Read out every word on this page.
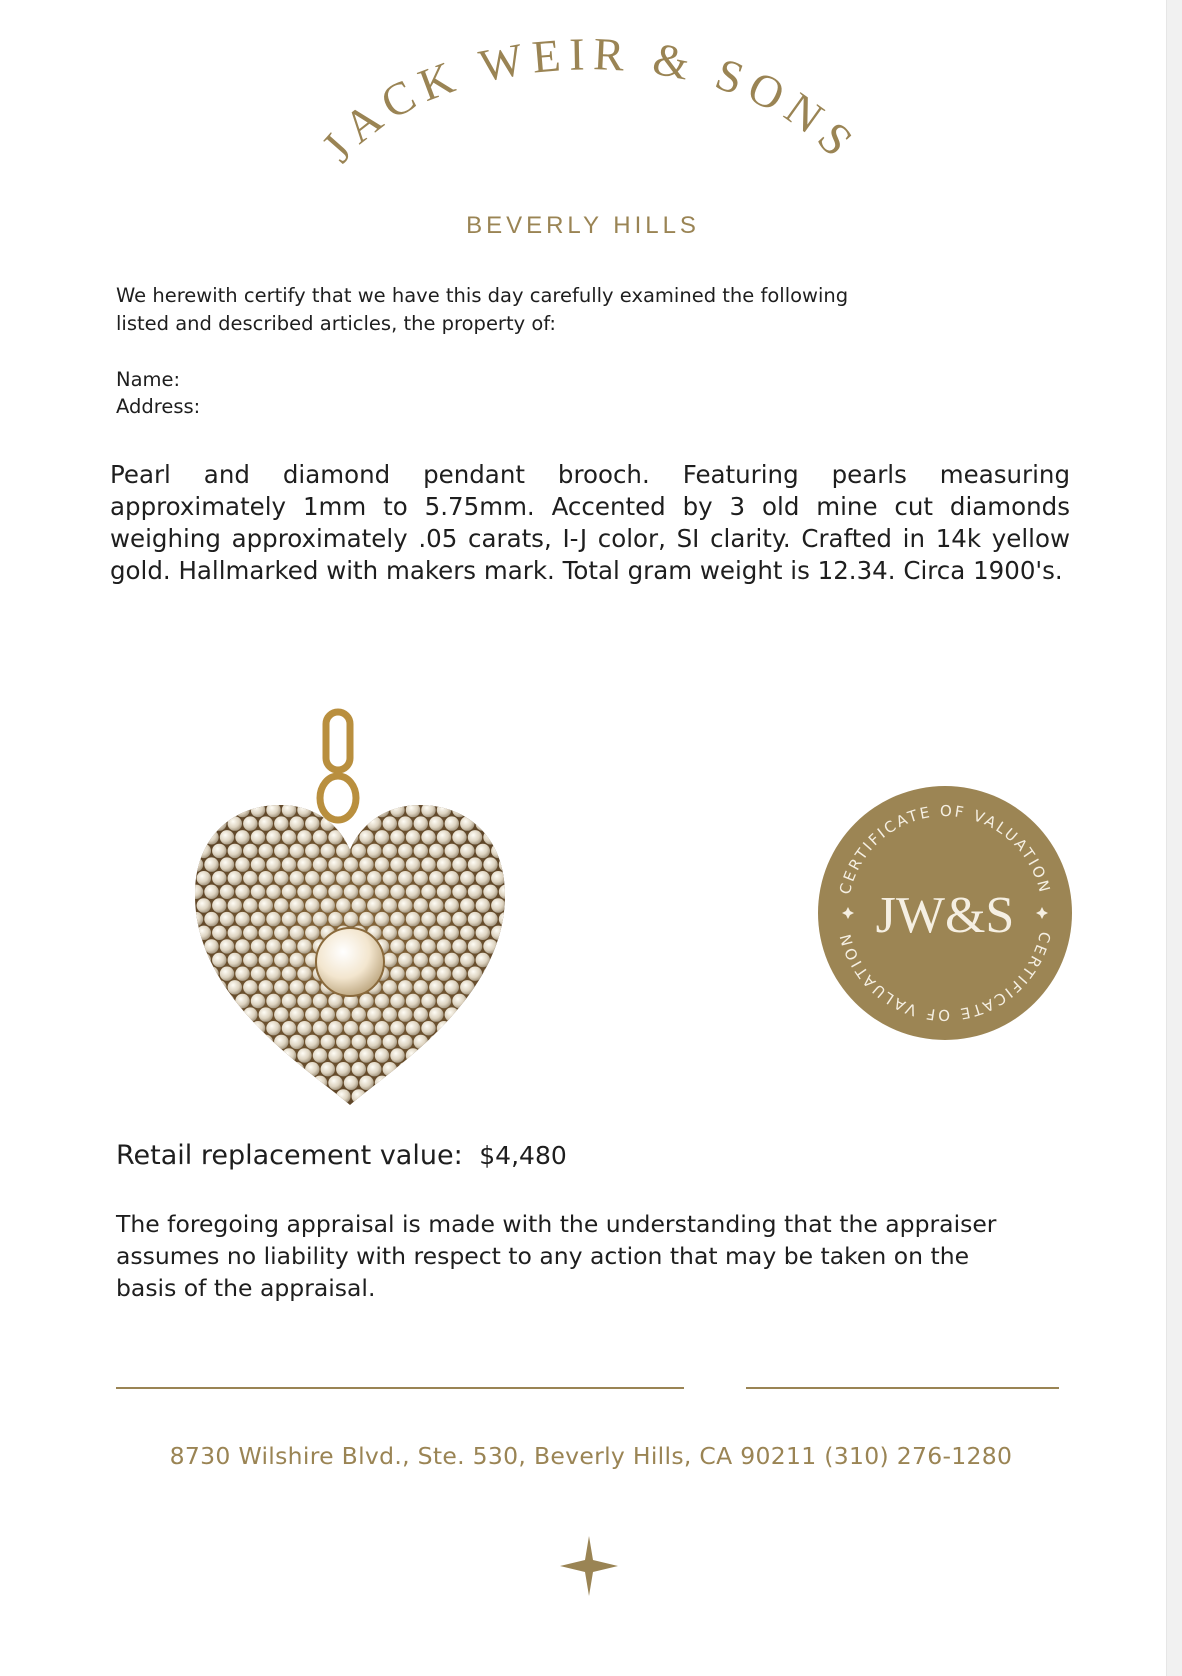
JACK WEIR & SONS
BEVERLY HILLS
We herewith certify that we have this day carefully examined the following listed and described articles, the property of:
Name:
Address:
Pearl and diamond pendant brooch. Featuring pearls measuring approximately 1mm to 5.75mm. Accented by 3 old mine cut diamonds weighing approximately .05 carats, I-J color, SI clarity. Crafted in 14k yellow gold. Hallmarked with makers mark. Total gram weight is 12.34. Circa 1900's.
CERTIFICATE OF VALUATION
CERTIFICATE OF VALUATION JW&S
Retail replacement value: $4,480
The foregoing appraisal is made with the understanding that the appraiser assumes no liability with respect to any action that may be taken on the basis of the appraisal.
8730 Wilshire Blvd., Ste. 530, Beverly Hills, CA 90211 (310) 276-1280
